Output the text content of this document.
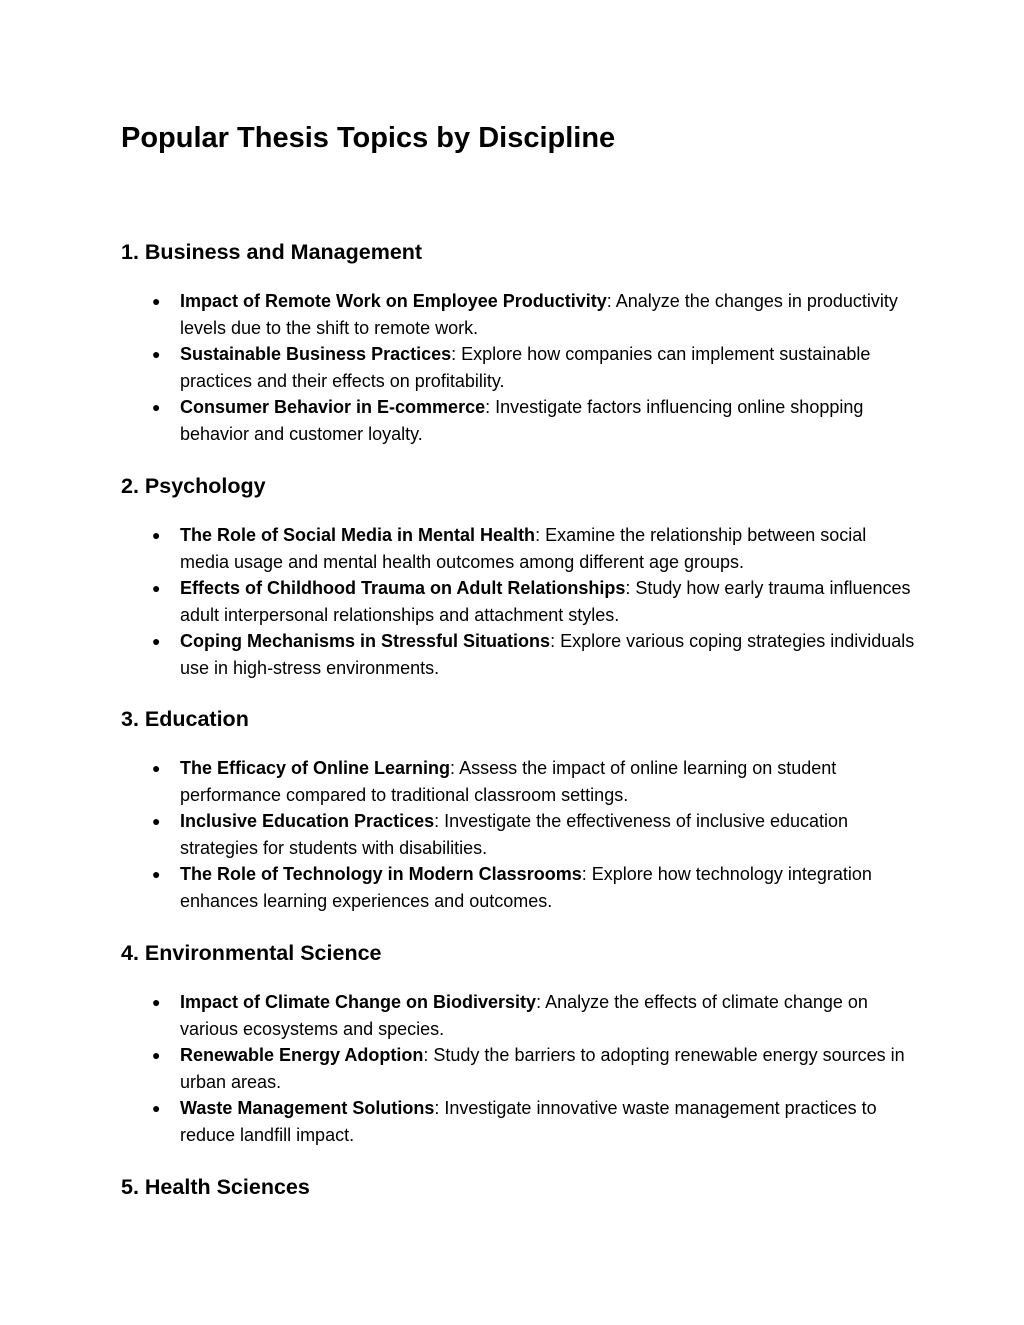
Popular Thesis Topics by Discipline
1. Business and Management
● Impact of Remote Work on Employee Productivity: Analyze the changes in productivity levels due to the shift to remote work.
● Sustainable Business Practices: Explore how companies can implement sustainable practices and their effects on profitability.
● Consumer Behavior in E-commerce: Investigate factors influencing online shopping behavior and customer loyalty.
2. Psychology
● The Role of Social Media in Mental Health: Examine the relationship between social media usage and mental health outcomes among different age groups.
● Effects of Childhood Trauma on Adult Relationships: Study how early trauma influences adult interpersonal relationships and attachment styles.
● Coping Mechanisms in Stressful Situations: Explore various coping strategies individuals use in high-stress environments.
3. Education
● The Efficacy of Online Learning: Assess the impact of online learning on student performance compared to traditional classroom settings.
● Inclusive Education Practices: Investigate the effectiveness of inclusive education strategies for students with disabilities.
● The Role of Technology in Modern Classrooms: Explore how technology integration enhances learning experiences and outcomes.
4. Environmental Science
● Impact of Climate Change on Biodiversity: Analyze the effects of climate change on various ecosystems and species.
● Renewable Energy Adoption: Study the barriers to adopting renewable energy sources in urban areas.
● Waste Management Solutions: Investigate innovative waste management practices to reduce landfill impact.
5. Health Sciences
